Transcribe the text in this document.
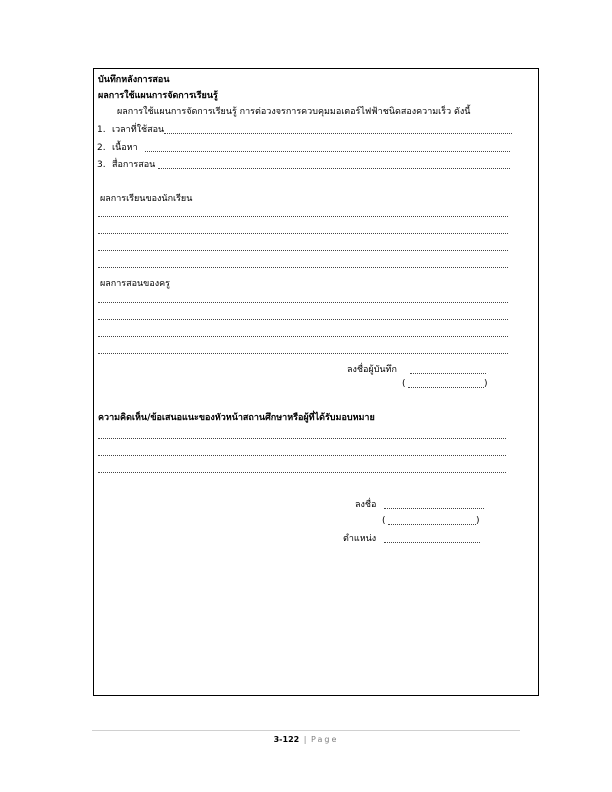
บันทึกหลังการสอน
ผลการใช้แผนการจัดการเรียนรู้
ผลการใช้แผนการจัดการเรียนรู้ การต่อวงจรการควบคุมมอเตอร์ไฟฟ้าชนิดสองความเร็ว ดังนี้
1. เวลาที่ใช้สอน
2. เนื้อหา
3. สื่อการสอน
ผลการเรียนของนักเรียน
ผลการสอนของครู
ลงชื่อผู้บันทึก
(	)
ความคิดเห็น/ข้อเสนอแนะของหัวหน้าสถานศึกษาหรือผู้ที่ได้รับมอบหมาย
ลงชื่อ
(	)
ตำแหน่ง
3-122 | Page
